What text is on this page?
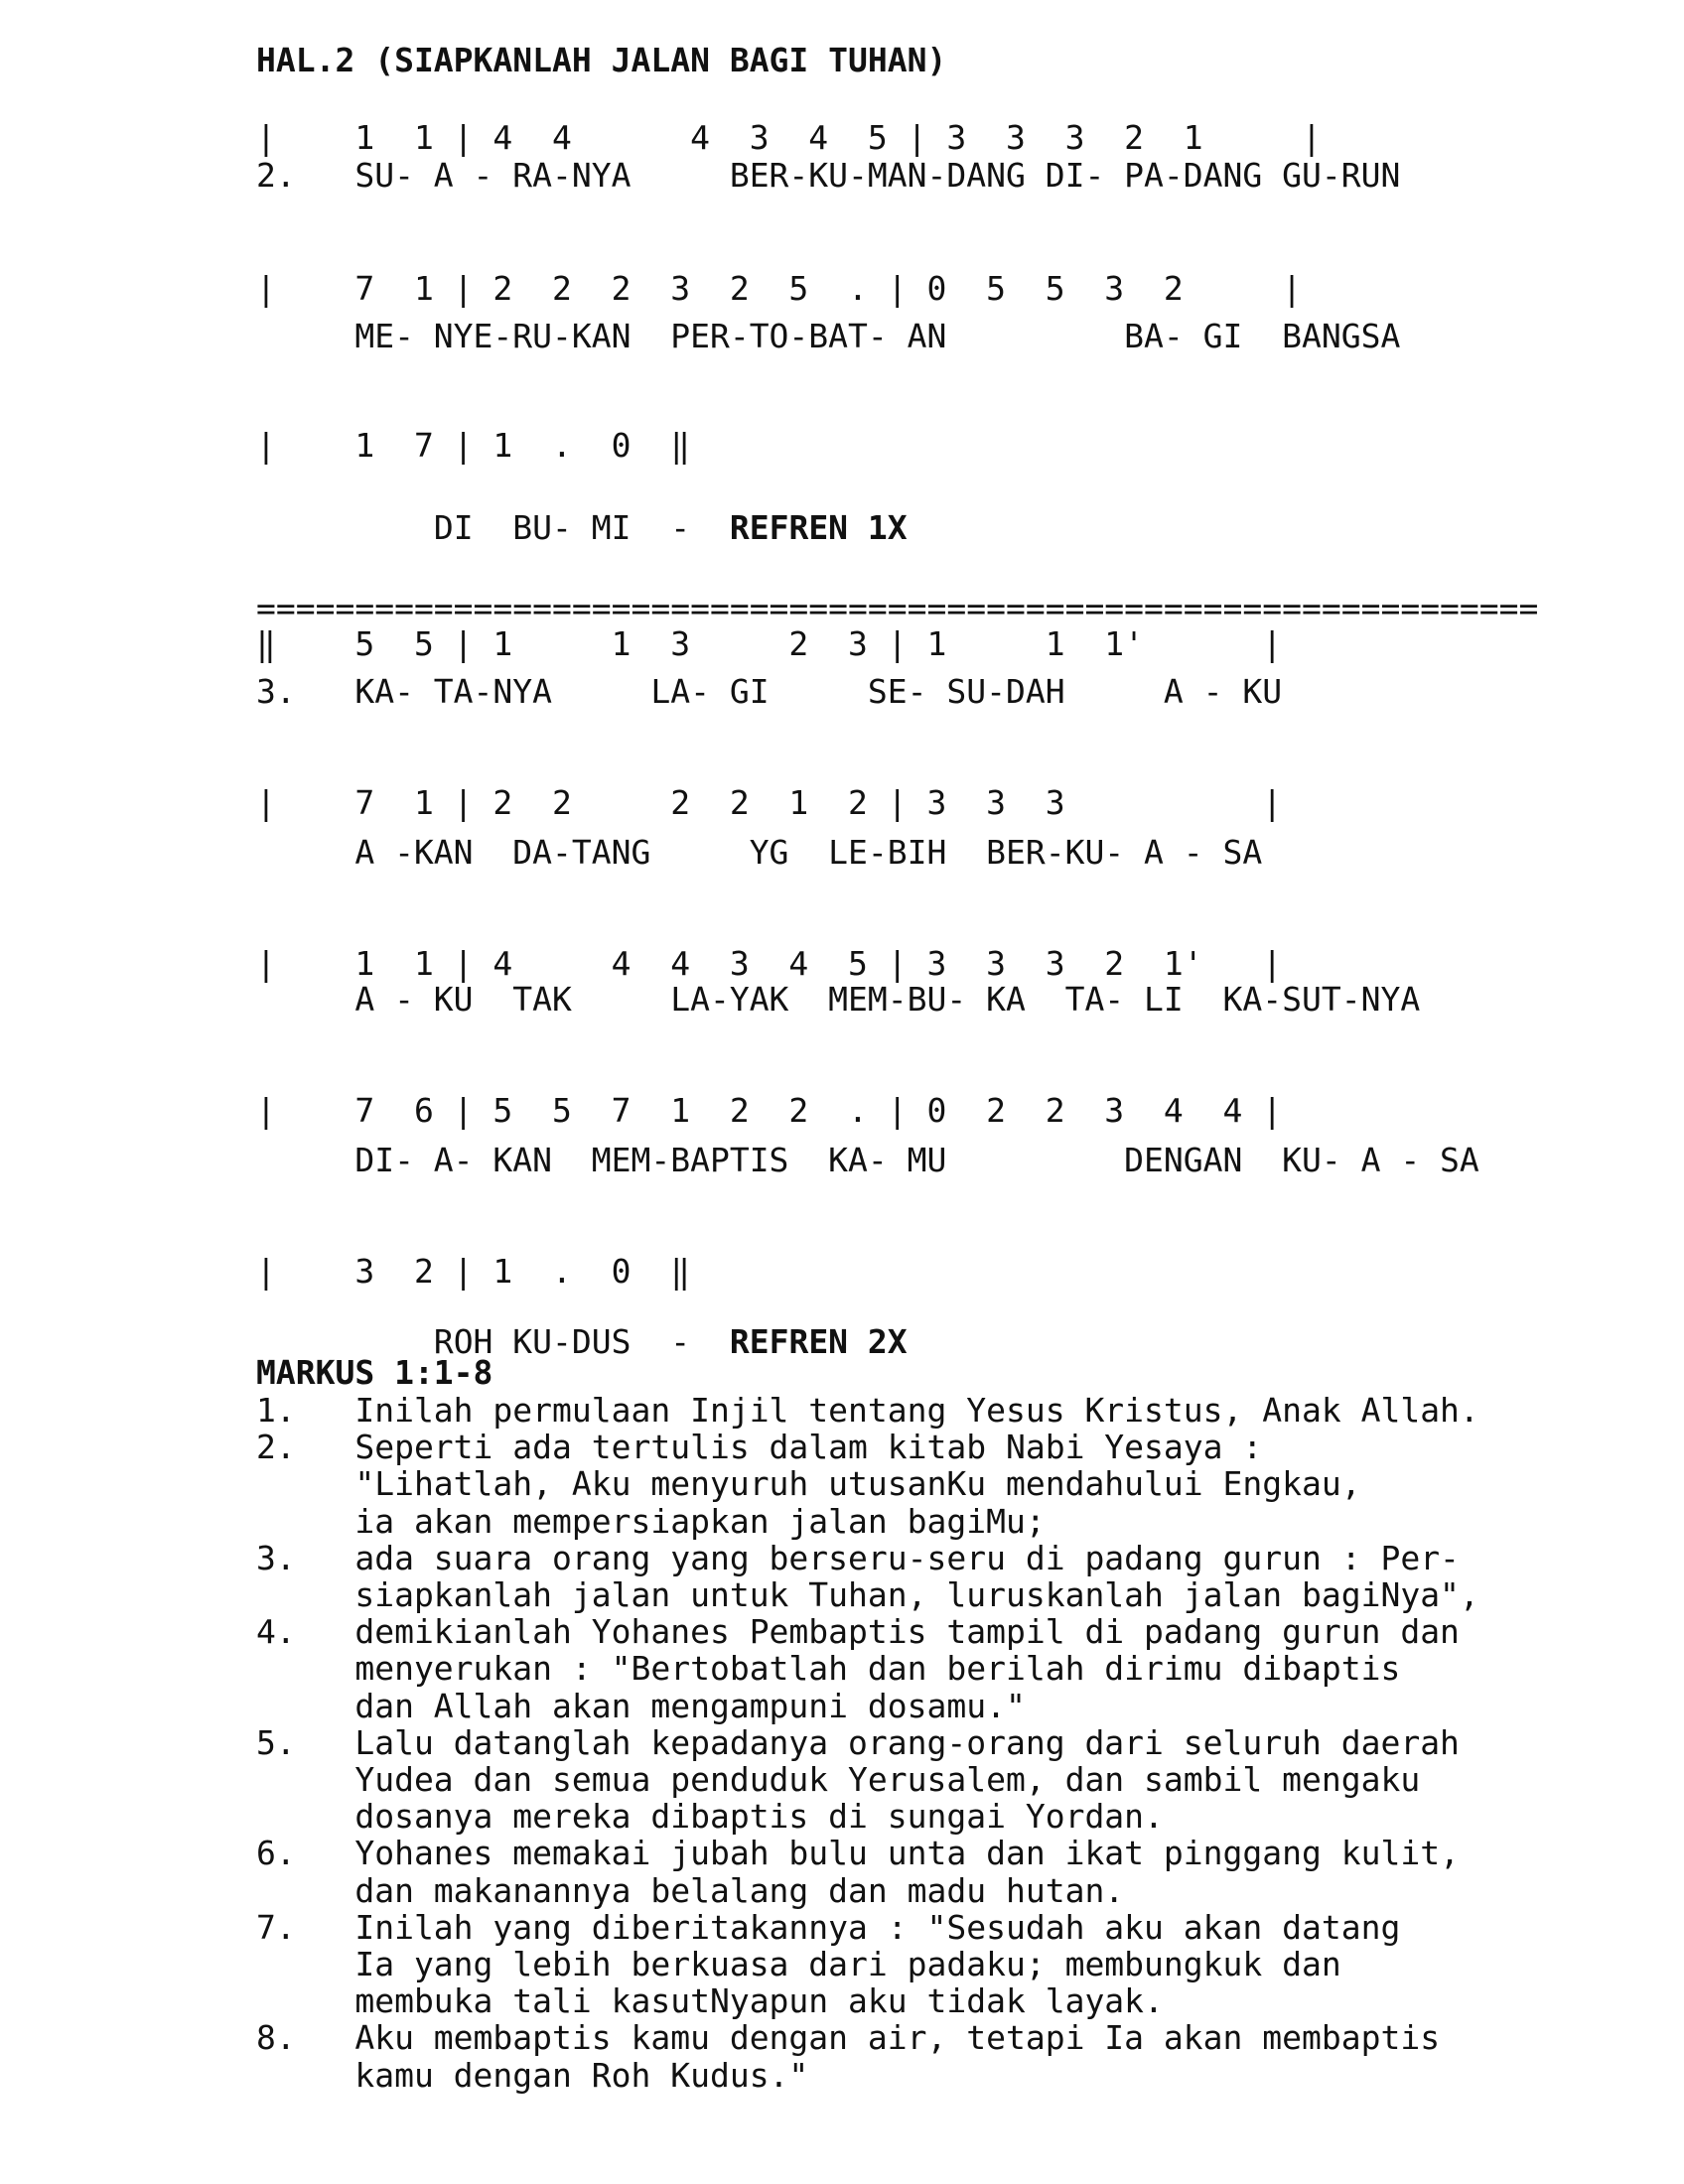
HAL.2 (SIAPKANLAH JALAN BAGI TUHAN)
|    1  1 | 4  4      4  3  4  5 | 3  3  3  2  1     |
2.   SU- A - RA-NYA     BER-KU-MAN-DANG DI- PA-DANG GU-RUN
|    7  1 | 2  2  2  3  2  5  . | 0  5  5  3  2     |
ME- NYE-RU-KAN  PER-TO-BAT- AN         BA- GI  BANGSA
|    1  7 | 1  .  0  ‖

DI  BU- MI  -  REFREN 1X

=================================================================
‖    5  5 | 1     1  3     2  3 | 1     1  1'      |
3.   KA- TA-NYA     LA- GI     SE- SU-DAH     A - KU
|    7  1 | 2  2     2  2  1  2 | 3  3  3          |
A -KAN  DA-TANG     YG  LE-BIH  BER-KU- A - SA
|    1  1 | 4     4  4  3  4  5 | 3  3  3  2  1'   |
A - KU  TAK     LA-YAK  MEM-BU- KA  TA- LI  KA-SUT-NYA
|    7  6 | 5  5  7  1  2  2  . | 0  2  2  3  4  4 |
DI- A- KAN  MEM-BAPTIS  KA- MU         DENGAN  KU- A - SA
|    3  2 | 1  .  0  ‖

ROH KU-DUS  -  REFREN 2X

MARKUS 1:1-8
1.   Inilah permulaan Injil tentang Yesus Kristus, Anak Allah.
2.   Seperti ada tertulis dalam kitab Nabi Yesaya :
"Lihatlah, Aku menyuruh utusanKu mendahului Engkau,
ia akan mempersiapkan jalan bagiMu;
3.   ada suara orang yang berseru-seru di padang gurun : Per-
siapkanlah jalan untuk Tuhan, luruskanlah jalan bagiNya",
4.   demikianlah Yohanes Pembaptis tampil di padang gurun dan
menyerukan : "Bertobatlah dan berilah dirimu dibaptis
dan Allah akan mengampuni dosamu."
5.   Lalu datanglah kepadanya orang-orang dari seluruh daerah
Yudea dan semua penduduk Yerusalem, dan sambil mengaku
dosanya mereka dibaptis di sungai Yordan.
6.   Yohanes memakai jubah bulu unta dan ikat pinggang kulit,
dan makanannya belalang dan madu hutan.
7.   Inilah yang diberitakannya : "Sesudah aku akan datang
Ia yang lebih berkuasa dari padaku; membungkuk dan
membuka tali kasutNyapun aku tidak layak.
8.   Aku membaptis kamu dengan air, tetapi Ia akan membaptis
kamu dengan Roh Kudus."
